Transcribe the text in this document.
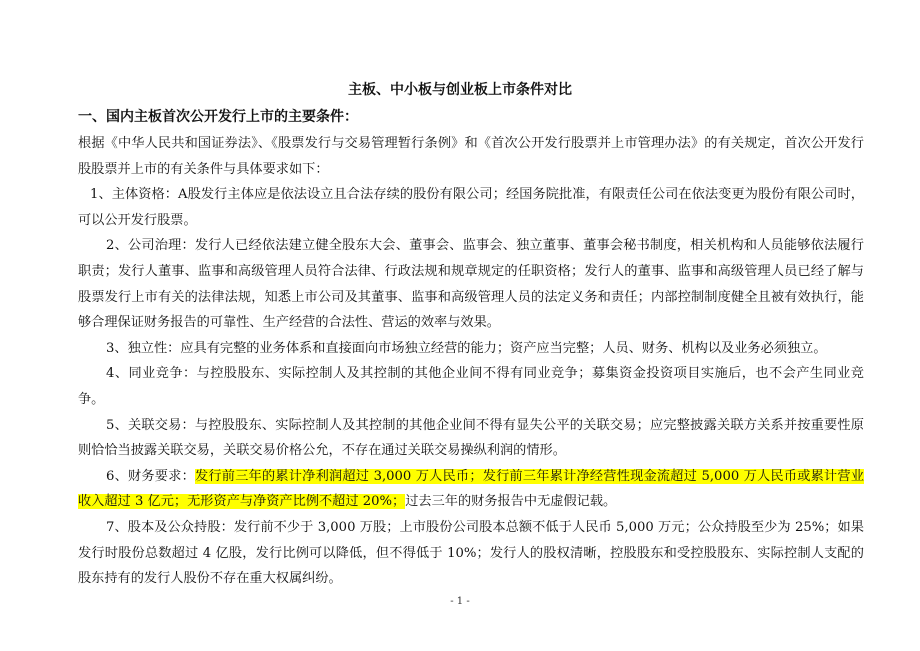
主板、中小板与创业板上市条件对比
一、国内主板首次公开发行上市的主要条件：

根据《中华人民共和国证券法》、《股票发行与交易管理暂行条例》和《首次公开发行股票并上市管理办法》的有关规定，首次公开发行股股票并上市的有关条件与具体要求如下：

1、主体资格：A股发行主体应是依法设立且合法存续的股份有限公司；经国务院批准，有限责任公司在依法变更为股份有限公司时，可以公开发行股票。

2、公司治理：发行人已经依法建立健全股东大会、董事会、监事会、独立董事、董事会秘书制度，相关机构和人员能够依法履行职责；发行人董事、监事和高级管理人员符合法律、行政法规和规章规定的任职资格；发行人的董事、监事和高级管理人员已经了解与股票发行上市有关的法律法规，知悉上市公司及其董事、监事和高级管理人员的法定义务和责任；内部控制制度健全且被有效执行，能够合理保证财务报告的可靠性、生产经营的合法性、营运的效率与效果。

3、独立性：应具有完整的业务体系和直接面向市场独立经营的能力；资产应当完整；人员、财务、机构以及业务必须独立。

4、同业竞争：与控股股东、实际控制人及其控制的其他企业间不得有同业竞争；募集资金投资项目实施后，也不会产生同业竞争。

5、关联交易：与控股股东、实际控制人及其控制的其他企业间不得有显失公平的关联交易；应完整披露关联方关系并按重要性原则恰恰当披露关联交易，关联交易价格公允，不存在通过关联交易操纵利润的情形。

6、财务要求：发行前三年的累计净利润超过 3,000 万人民币；发行前三年累计净经营性现金流超过 5,000 万人民币或累计营业收入超过 3 亿元；无形资产与净资产比例不超过 20%；过去三年的财务报告中无虚假记载。

7、股本及公众持股：发行前不少于 3,000 万股；上市股份公司股本总额不低于人民币 5,000 万元；公众持股至少为 25%；如果发行时股份总数超过 4 亿股，发行比例可以降低，但不得低于 10%；发行人的股权清晰，控股股东和受控股股东、实际控制人支配的股东持有的发行人股份不存在重大权属纠纷。

- 1 -
